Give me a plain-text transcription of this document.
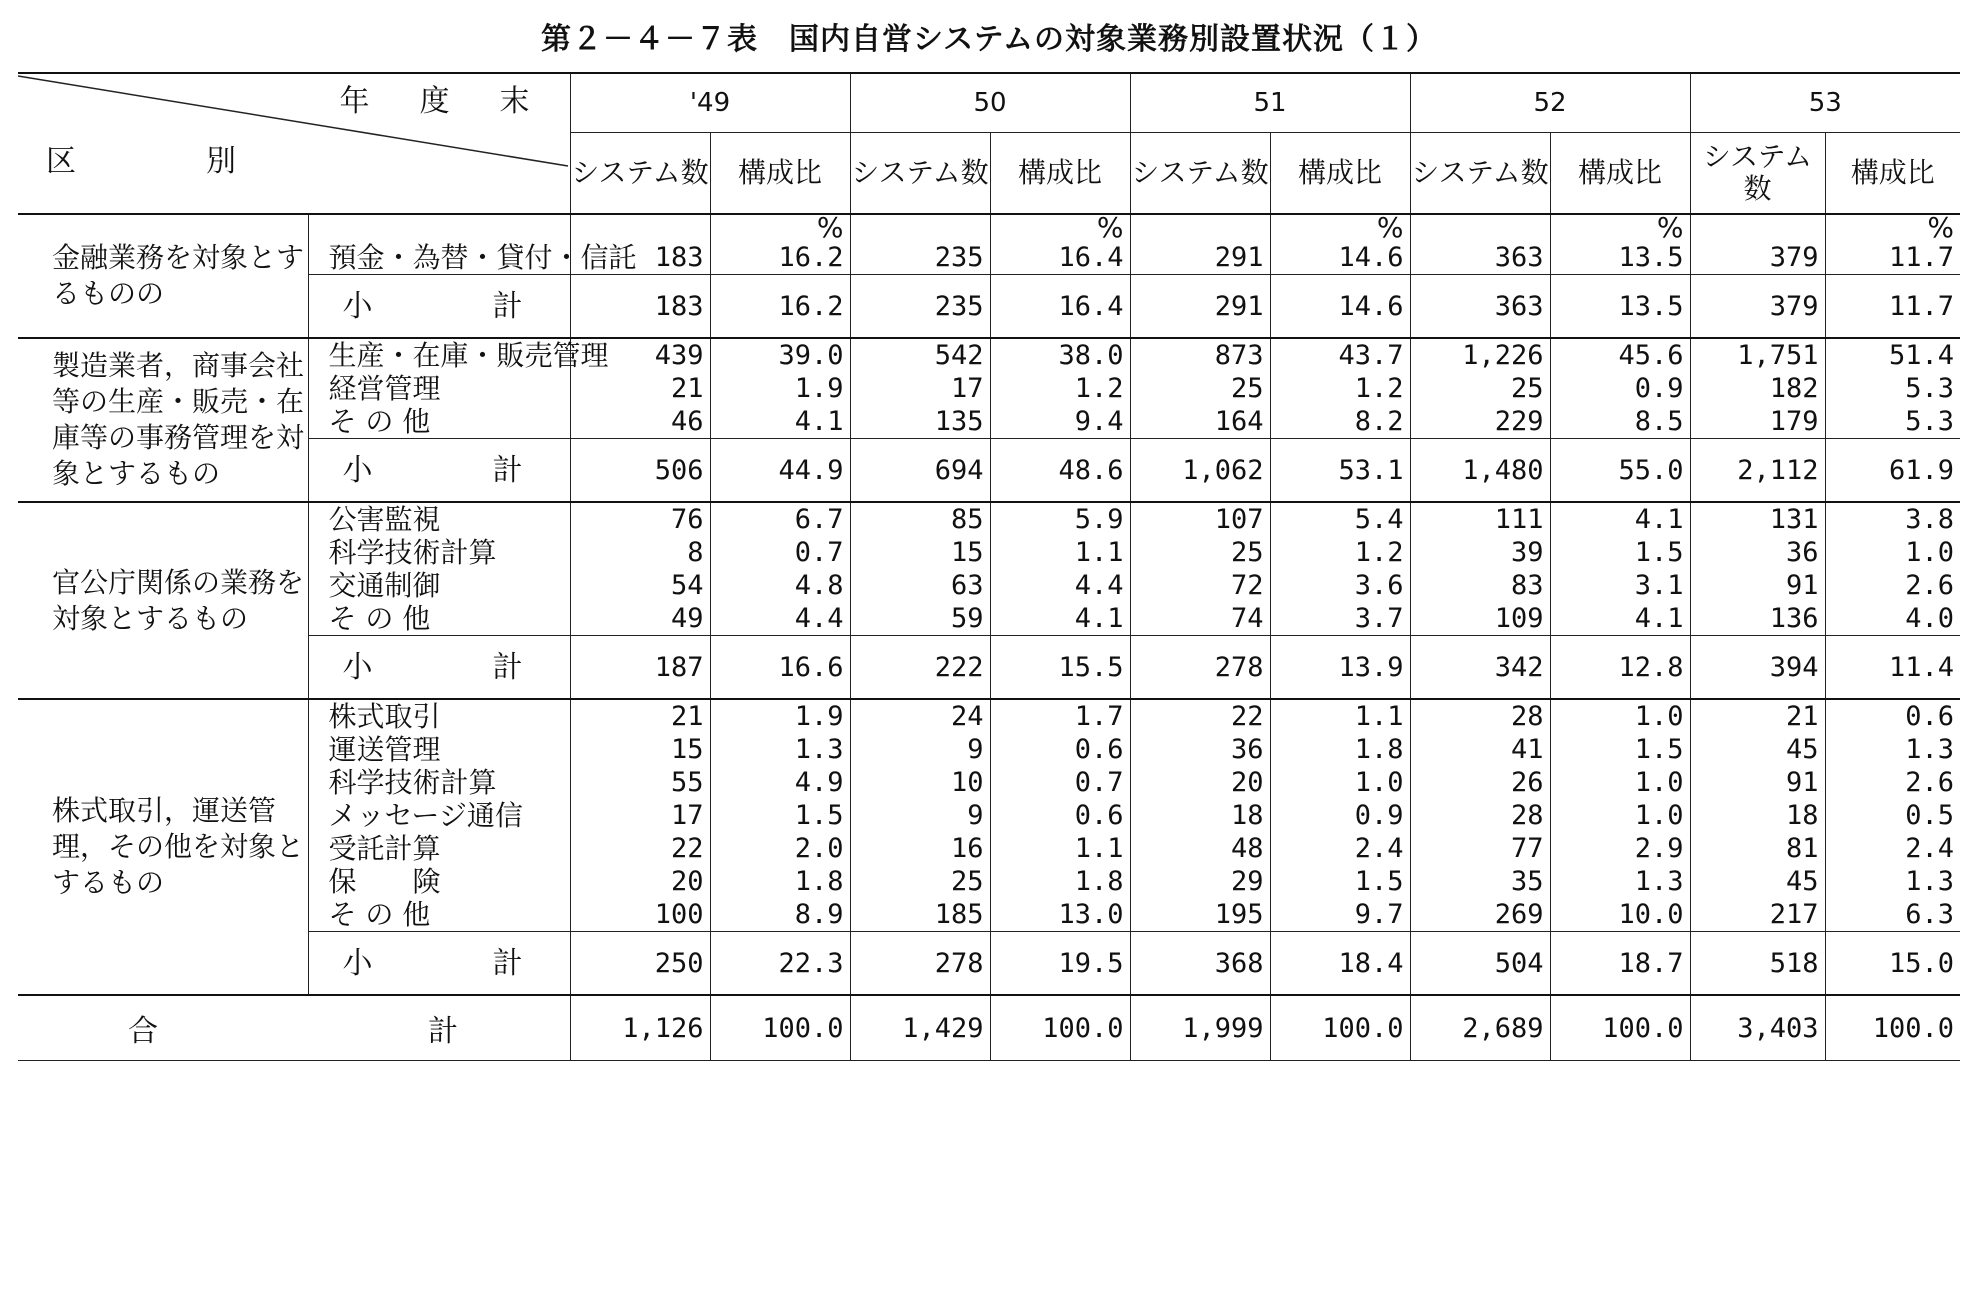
第２－４－７表　国内自営システムの対象業務別設置状況（１）
年　度　末
区　　　別		'49		50		51		52		53	
		システム数	構成比	システム数	構成比	システム数	構成比	システム数	構成比	システム数	構成比
金融業務を対象とするものの			%		%		%		%		%
	預金・為替・貸付・信託	183	16.2	235	16.4	291	14.6	363	13.5	379	11.7
	小　　　　計	183	16.2	235	16.4	291	14.6	363	13.5	379	11.7
製造業者，商事会社等の生産・販売・在庫等の事務管理を対象とするもの	生産・在庫・販売管理	439	39.0	542	38.0	873	43.7	1,226	45.6	1,751	51.4
	経営管理	21	1.9	17	1.2	25	1.2	25	0.9	182	5.3
	そ の 他	46	4.1	135	9.4	164	8.2	229	8.5	179	5.3
	小　　　　計	506	44.9	694	48.6	1,062	53.1	1,480	55.0	2,112	61.9
官公庁関係の業務を対象とするもの	公害監視	76	6.7	85	5.9	107	5.4	111	4.1	131	3.8
	科学技術計算	8	0.7	15	1.1	25	1.2	39	1.5	36	1.0
	交通制御	54	4.8	63	4.4	72	3.6	83	3.1	91	2.6
	そ の 他	49	4.4	59	4.1	74	3.7	109	4.1	136	4.0
	小　　　　計	187	16.6	222	15.5	278	13.9	342	12.8	394	11.4
株式取引，運送管理，その他を対象とするもの	株式取引	21	1.9	24	1.7	22	1.1	28	1.0	21	0.6
	運送管理	15	1.3	9	0.6	36	1.8	41	1.5	45	1.3
	科学技術計算	55	4.9	10	0.7	20	1.0	26	1.0	91	2.6
	メッセージ通信	17	1.5	9	0.6	18	0.9	28	1.0	18	0.5
	受託計算	22	2.0	16	1.1	48	2.4	77	2.9	81	2.4
	保　　険	20	1.8	25	1.8	29	1.5	35	1.3	45	1.3
	そ の 他	100	8.9	185	13.0	195	9.7	269	10.0	217	6.3
	小　　　　計	250	22.3	278	19.5	368	18.4	504	18.7	518	15.0
合 計		1,126	100.0	1,429	100.0	1,999	100.0	2,689	100.0	3,403	100.0
